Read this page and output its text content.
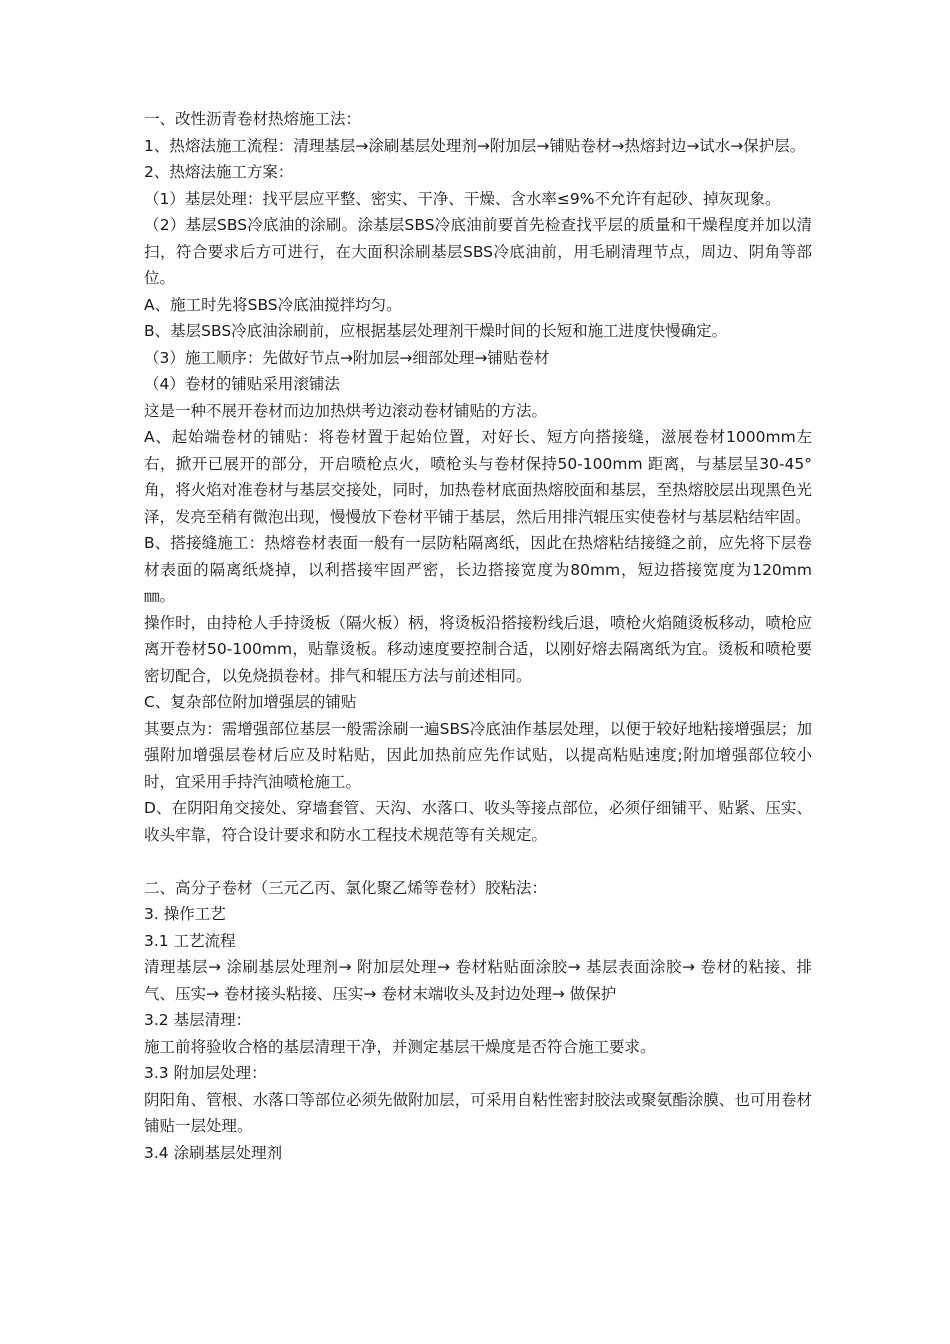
一、改性沥青卷材热熔施工法：

1、热熔法施工流程：清理基层→涂刷基层处理剂→附加层→铺贴卷材→热熔封边→试水→保护层。

2、热熔法施工方案：

（1）基层处理：找平层应平整、密实、干净、干燥、含水率≤9%不允许有起砂、掉灰现象。

（2）基层SBS冷底油的涂刷。涂基层SBS冷底油前要首先检查找平层的质量和干燥程度并加以清扫，符合要求后方可进行，在大面积涂刷基层SBS冷底油前，用毛刷清理节点，周边、阴角等部位。

A、施工时先将SBS冷底油搅拌均匀。

B、基层SBS冷底油涂刷前，应根据基层处理剂干燥时间的长短和施工进度快慢确定。

（3）施工顺序：先做好节点→附加层→细部处理→铺贴卷材

（4）卷材的铺贴采用滚铺法

这是一种不展开卷材而边加热烘考边滚动卷材铺贴的方法。

A、起始端卷材的铺贴：将卷材置于起始位置，对好长、短方向搭接缝，滋展卷材1000mm左右，掀开已展开的部分，开启喷枪点火，喷枪头与卷材保持50-100mm 距离，与基层呈30-45°角，将火焰对准卷材与基层交接处，同时，加热卷材底面热熔胶面和基层，至热熔胶层出现黑色光泽，发亮至稍有微泡出现，慢慢放下卷材平铺于基层，然后用排汽辊压实使卷材与基层粘结牢固。

B、搭接缝施工：热熔卷材表面一般有一层防粘隔离纸，因此在热熔粘结接缝之前，应先将下层卷材表面的隔离纸烧掉，以利搭接牢固严密，长边搭接宽度为80mm，短边搭接宽度为120mm ㎜。

操作时，由持枪人手持烫板（隔火板）柄，将烫板沿搭接粉线后退，喷枪火焰随烫板移动，喷枪应离开卷材50-100mm，贴靠烫板。移动速度要控制合适，以刚好熔去隔离纸为宜。烫板和喷枪要密切配合，以免烧损卷材。排气和辊压方法与前述相同。

C、复杂部位附加增强层的铺贴

其要点为：需增强部位基层一般需涂刷一遍SBS冷底油作基层处理，以便于较好地粘接增强层；加强附加增强层卷材后应及时粘贴，因此加热前应先作试贴，以提高粘贴速度;附加增强部位较小时，宜采用手持汽油喷枪施工。

D、在阴阳角交接处、穿墙套管、天沟、水落口、收头等接点部位，必须仔细铺平、贴紧、压实、收头牢靠，符合设计要求和防水工程技术规范等有关规定。

二、高分子卷材（三元乙丙、氯化聚乙烯等卷材）胶粘法：

3. 操作工艺

3.1 工艺流程

清理基层→ 涂刷基层处理剂→ 附加层处理→ 卷材粘贴面涂胶→ 基层表面涂胶→ 卷材的粘接、排气、压实→ 卷材接头粘接、压实→ 卷材末端收头及封边处理→ 做保护

3.2 基层清理：

施工前将验收合格的基层清理干净，并测定基层干燥度是否符合施工要求。

3.3 附加层处理：

阴阳角、管根、水落口等部位必须先做附加层，可采用自粘性密封胶法或聚氨酯涂膜、也可用卷材铺贴一层处理。

3.4 涂刷基层处理剂
